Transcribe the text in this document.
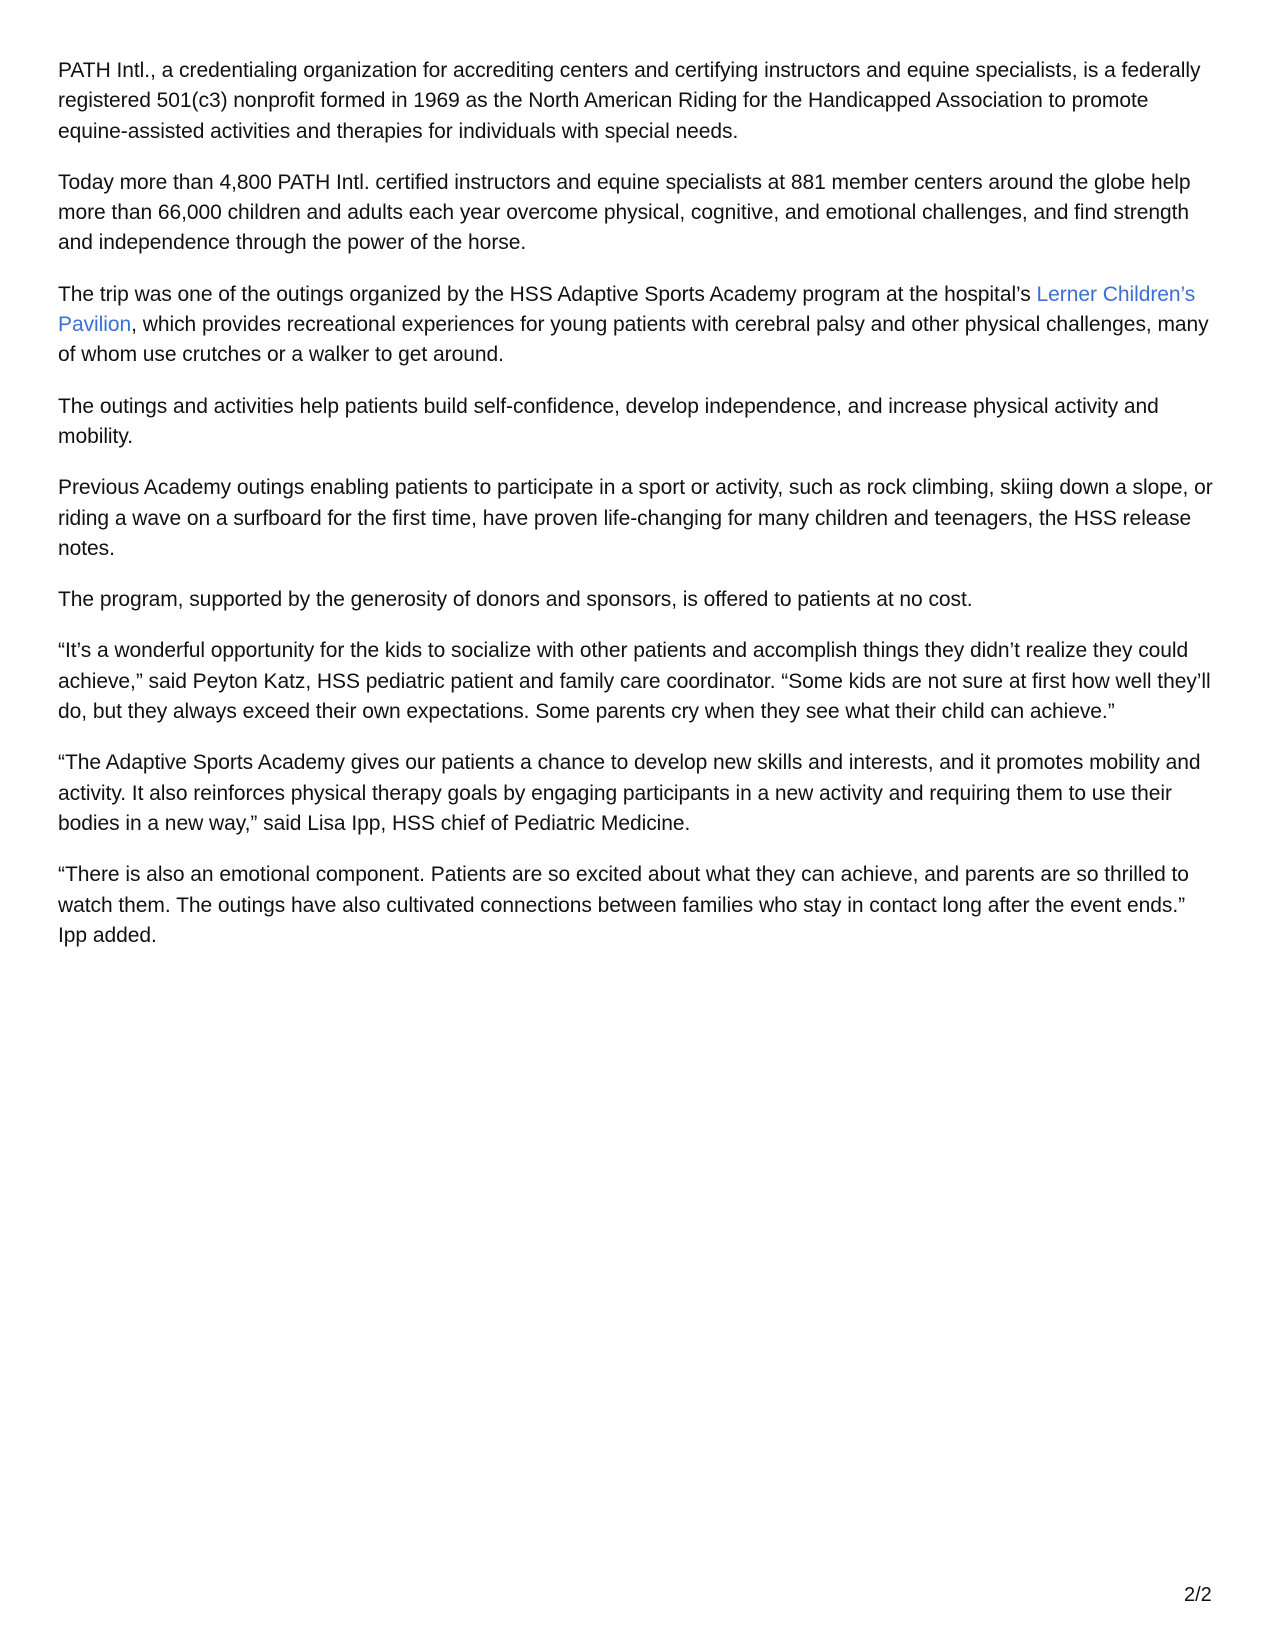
PATH Intl., a credentialing organization for accrediting centers and certifying instructors and equine specialists, is a federally registered 501(c3) nonprofit formed in 1969 as the North American Riding for the Handicapped Association to promote equine-assisted activities and therapies for individuals with special needs.

Today more than 4,800 PATH Intl. certified instructors and equine specialists at 881 member centers around the globe help more than 66,000 children and adults each year overcome physical, cognitive, and emotional challenges, and find strength and independence through the power of the horse.

The trip was one of the outings organized by the HSS Adaptive Sports Academy program at the hospital’s Lerner Children’s Pavilion, which provides recreational experiences for young patients with cerebral palsy and other physical challenges, many of whom use crutches or a walker to get around.

The outings and activities help patients build self-confidence, develop independence, and increase physical activity and mobility.

Previous Academy outings enabling patients to participate in a sport or activity, such as rock climbing, skiing down a slope, or riding a wave on a surfboard for the first time, have proven life-changing for many children and teenagers, the HSS release notes.

The program, supported by the generosity of donors and sponsors, is offered to patients at no cost.

“It’s a wonderful opportunity for the kids to socialize with other patients and accomplish things they didn’t realize they could achieve,” said Peyton Katz, HSS pediatric patient and family care coordinator. “Some kids are not sure at first how well they’ll do, but they always exceed their own expectations. Some parents cry when they see what their child can achieve.”

“The Adaptive Sports Academy gives our patients a chance to develop new skills and interests, and it promotes mobility and activity. It also reinforces physical therapy goals by engaging participants in a new activity and requiring them to use their bodies in a new way,” said Lisa Ipp, HSS chief of Pediatric Medicine.

“There is also an emotional component. Patients are so excited about what they can achieve, and parents are so thrilled to watch them. The outings have also cultivated connections between families who stay in contact long after the event ends.” Ipp added.

2/2
